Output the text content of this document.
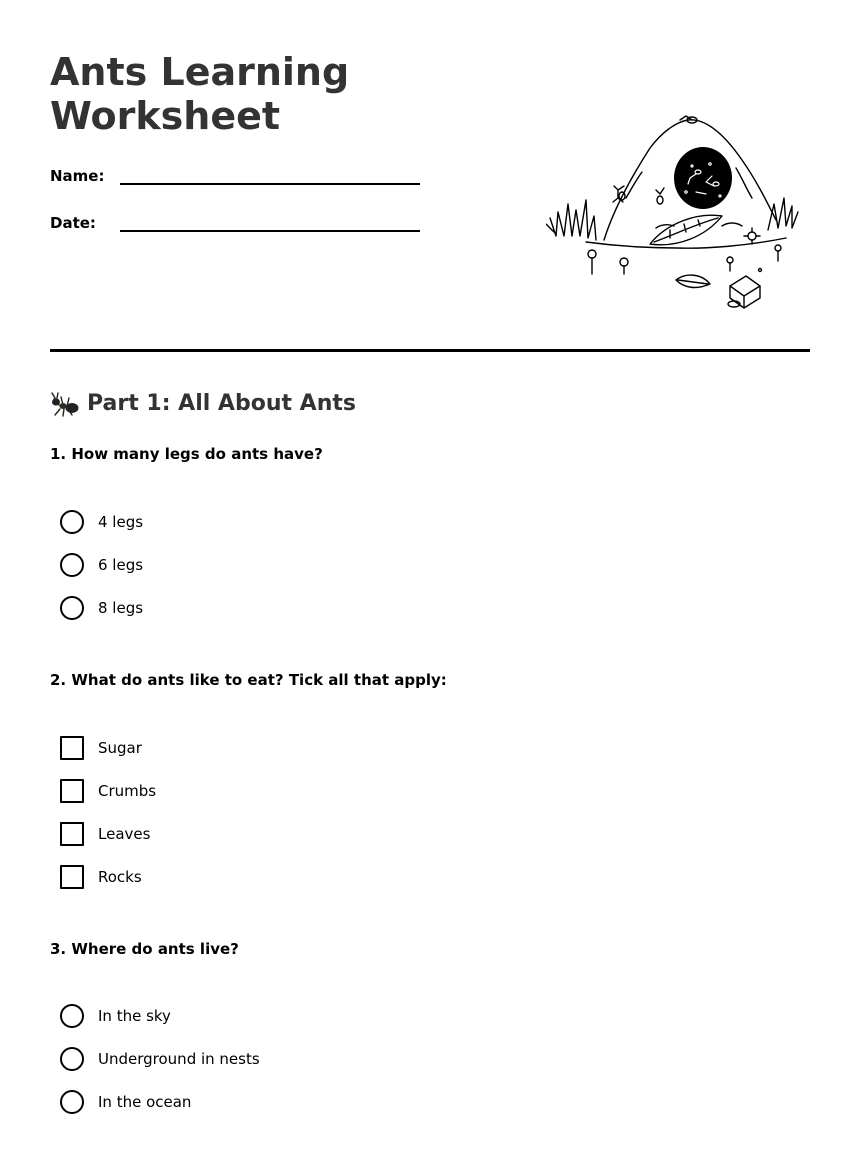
Ants Learning
Worksheet
Name:
Date:
Part 1: All About Ants

1. How many legs do ants have?

4 legs
6 legs
8 legs

2. What do ants like to eat? Tick all that apply:

Sugar
Crumbs
Leaves
Rocks

3. Where do ants live?

In the sky
Underground in nests
In the ocean
